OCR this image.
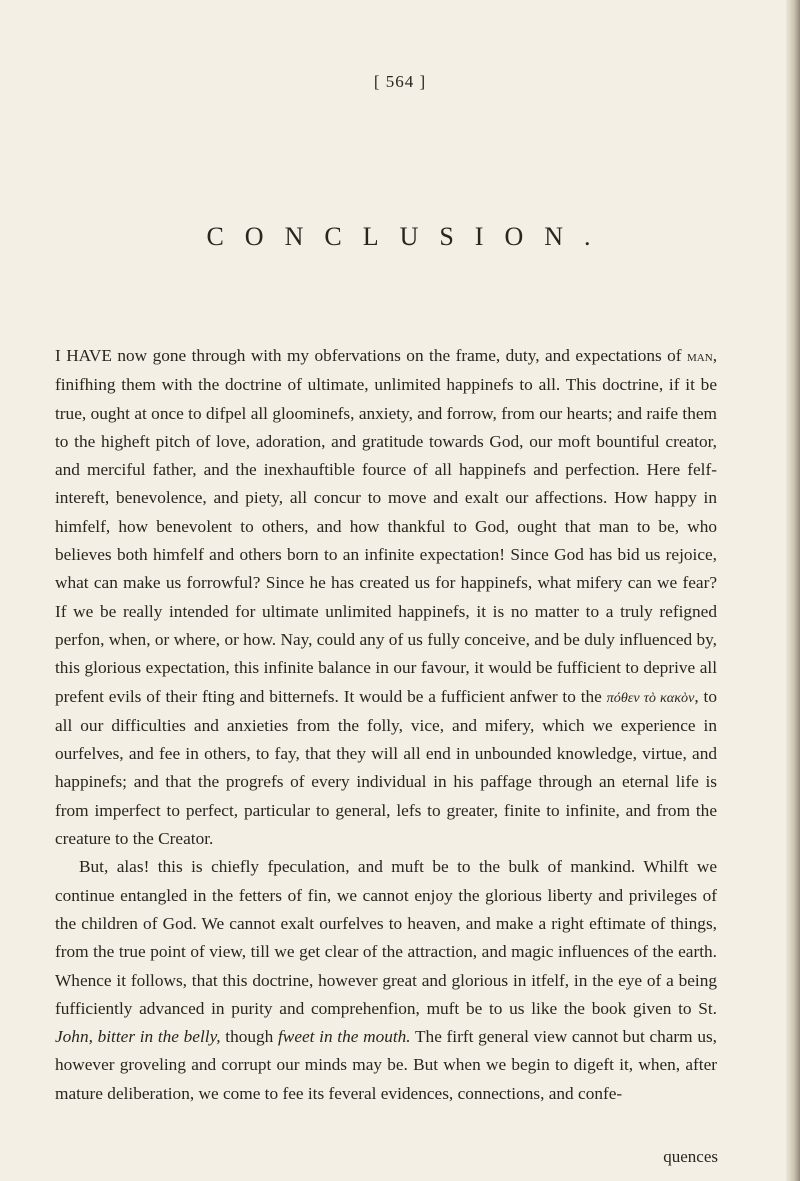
[ 564 ]
CONCLUSION.

I HAVE now gone through with my obfervations on the frame, duty, and expectations of man, finifhing them with the doctrine of ultimate, unlimited happinefs to all. This doctrine, if it be true, ought at once to difpel all gloominefs, anxiety, and forrow, from our hearts; and raife them to the higheft pitch of love, adoration, and gratitude towards God, our moft bountiful creator, and merciful father, and the inexhauftible fource of all happinefs and perfection. Here felf-intereft, benevolence, and piety, all concur to move and exalt our affections. How happy in himfelf, how benevolent to others, and how thankful to God, ought that man to be, who believes both himfelf and others born to an infinite expectation! Since God has bid us rejoice, what can make us forrowful? Since he has created us for happinefs, what mifery can we fear? If we be really intended for ultimate unlimited happinefs, it is no matter to a truly refigned perfon, when, or where, or how. Nay, could any of us fully conceive, and be duly influenced by, this glorious expectation, this infinite balance in our favour, it would be fufficient to deprive all prefent evils of their fting and bitternefs. It would be a fufficient anfwer to the πόθεν τὸ κακὸν, to all our difficulties and anxieties from the folly, vice, and mifery, which we experience in ourfelves, and fee in others, to fay, that they will all end in unbounded knowledge, virtue, and happinefs; and that the progrefs of every individual in his paffage through an eternal life is from imperfect to perfect, particular to general, lefs to greater, finite to infinite, and from the creature to the Creator.

But, alas! this is chiefly fpeculation, and muft be to the bulk of mankind. Whilft we continue entangled in the fetters of fin, we cannot enjoy the glorious liberty and privileges of the children of God. We cannot exalt ourfelves to heaven, and make a right eftimate of things, from the true point of view, till we get clear of the attraction, and magic influences of the earth. Whence it follows, that this doctrine, however great and glorious in itfelf, in the eye of a being fufficiently advanced in purity and comprehenfion, muft be to us like the book given to St. John, bitter in the belly, though fweet in the mouth. The firft general view cannot but charm us, however groveling and corrupt our minds may be. But when we begin to digeft it, when, after mature deliberation, we come to fee its feveral evidences, connections, and confe-

quences
